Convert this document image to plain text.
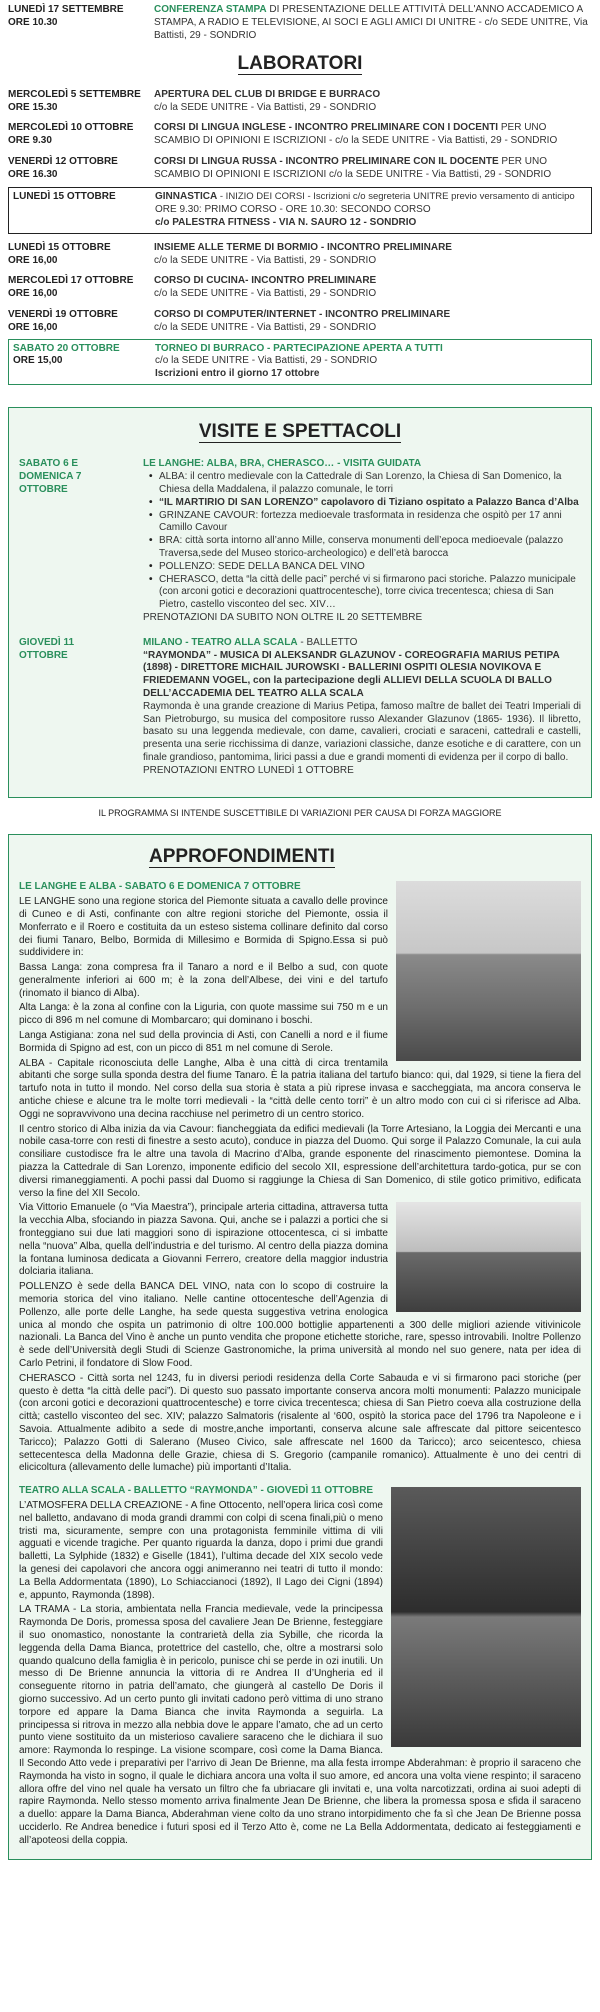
LUNEDÌ 17 SETTEMBRE
ORE 10.30
CONFERENZA STAMPA DI PRESENTAZIONE DELLE ATTIVITÀ DELL'ANNO ACCADEMICO A STAMPA, A RADIO E TELEVISIONE, AI SOCI E AGLI AMICI DI UNITRE - c/o SEDE UNITRE, Via Battisti, 29 - SONDRIO
LABORATORI
MERCOLEDÌ 5 SETTEMBRE
ORE 15.30
APERTURA DEL CLUB DI BRIDGE E BURRACO
c/o la SEDE UNITRE - Via Battisti, 29 - SONDRIO
MERCOLEDÌ 10 OTTOBRE
ORE 9.30
CORSI DI LINGUA INGLESE - INCONTRO PRELIMINARE CON I DOCENTI PER UNO SCAMBIO DI OPINIONI E ISCRIZIONI - c/o la SEDE UNITRE - Via Battisti, 29 - SONDRIO
VENERDÌ 12 OTTOBRE
ORE 16.30
CORSI DI LINGUA RUSSA - INCONTRO PRELIMINARE CON IL DOCENTE PER UNO SCAMBIO DI OPINIONI E ISCRIZIONI c/o la SEDE UNITRE - Via Battisti, 29 - SONDRIO
LUNEDÌ 15 OTTOBRE	GINNASTICA - INIZIO DEI CORSI - Iscrizioni c/o segreteria UNITRE previo versamento di anticipo
ORE 9.30: PRIMO CORSO - ORE 10.30: SECONDO CORSO
c/o PALESTRA FITNESS - VIA N. SAURO 12 - SONDRIO
LUNEDÌ 15 OTTOBRE
ORE 16,00
INSIEME ALLE TERME DI BORMIO - INCONTRO PRELIMINARE
c/o la SEDE UNITRE - Via Battisti, 29 - SONDRIO
MERCOLEDÌ 17 OTTOBRE
ORE 16,00
CORSO DI CUCINA- INCONTRO PRELIMINARE
c/o la SEDE UNITRE - Via Battisti, 29 - SONDRIO
VENERDÌ 19 OTTOBRE
ORE 16,00
CORSO DI COMPUTER/INTERNET - INCONTRO PRELIMINARE
c/o la SEDE UNITRE - Via Battisti, 29 - SONDRIO
SABATO 20 OTTOBRE
ORE 15,00
TORNEO DI BURRACO - PARTECIPAZIONE APERTA A TUTTI
c/o la SEDE UNITRE - Via Battisti, 29 - SONDRIO
Iscrizioni entro il giorno 17 ottobre
VISITE E SPETTACOLI
SABATO 6 E
DOMENICA 7
OTTOBRE
LE LANGHE: ALBA, BRA, CHERASCO… - VISITA GUIDATA
• ALBA: il centro medievale con la Cattedrale di San Lorenzo, la Chiesa di San Domenico, la Chiesa della Maddalena, il palazzo comunale, le torri
• “IL MARTIRIO DI SAN LORENZO” capolavoro di Tiziano ospitato a Palazzo Banca d’Alba
• GRINZANE CAVOUR: fortezza medioevale trasformata in residenza che ospitò per 17 anni Camillo Cavour
• BRA: città sorta intorno all’anno Mille, conserva monumenti dell’epoca medioevale (palazzo Traversa,sede del Museo storico-archeologico) e dell’età barocca
• POLLENZO: SEDE DELLA BANCA DEL VINO
• CHERASCO, detta “la città delle paci” perché vi si firmarono paci storiche. Palazzo municipale (con arconi gotici e decorazioni quattrocentesche), torre civica trecentesca; chiesa di San Pietro, castello visconteo del sec. XIV…
PRENOTAZIONI DA SUBITO NON OLTRE IL 20 SETTEMBRE
GIOVEDÌ 11
OTTOBRE
MILANO - TEATRO ALLA SCALA - BALLETTO
“RAYMONDA” - MUSICA DI ALEKSANDR GLAZUNOV - COREOGRAFIA MARIUS PETIPA (1898) - DIRETTORE MICHAIL JUROWSKI - BALLERINI OSPITI OLESIA NOVIKOVA E FRIEDEMANN VOGEL, con la partecipazione degli ALLIEVI DELLA SCUOLA DI BALLO DELL’ACCADEMIA DEL TEATRO ALLA SCALA
Raymonda è una grande creazione di Marius Petipa, famoso maître de ballet dei Teatri Imperiali di San Pietroburgo, su musica del compositore russo Alexander Glazunov (1865- 1936). Il libretto, basato su una leggenda medievale, con dame, cavalieri, crociati e saraceni, cattedrali e castelli, presenta una serie ricchissima di danze, variazioni classiche, danze esotiche e di carattere, con un finale grandioso, pantomima, lirici passi a due e grandi momenti di evidenza per il corpo di ballo.
PRENOTAZIONI ENTRO LUNEDÌ 1 OTTOBRE
IL PROGRAMMA SI INTENDE SUSCETTIBILE DI VARIAZIONI PER CAUSA DI FORZA MAGGIORE
APPROFONDIMENTI

LE LANGHE E ALBA - SABATO 6 E DOMENICA 7 OTTOBRE

LE LANGHE sono una regione storica del Piemonte situata a cavallo delle province di Cuneo e di Asti, confinante con altre regioni storiche del Piemonte, ossia il Monferrato e il Roero e costituita da un esteso sistema collinare definito dal corso dei fiumi Tanaro, Belbo, Bormida di Millesimo e Bormida di Spigno.Essa si può suddividere in:

Bassa Langa: zona compresa fra il Tanaro a nord e il Belbo a sud, con quote generalmente inferiori ai 600 m; è la zona dell’Albese, dei vini e del tartufo (rinomato il bianco di Alba).

Alta Langa: è la zona al confine con la Liguria, con quote massime sui 750 m e un picco di 896 m nel comune di Mombarcaro; qui dominano i boschi.

Langa Astigiana: zona nel sud della provincia di Asti, con Canelli a nord e il fiume Bormida di Spigno ad est, con un picco di 851 m nel comune di Serole.

ALBA - Capitale riconosciuta delle Langhe, Alba è una città di circa trentamila abitanti che sorge sulla sponda destra del fiume Tanaro. È la patria italiana del tartufo bianco: qui, dal 1929, si tiene la fiera del tartufo nota in tutto il mondo. Nel corso della sua storia è stata a più riprese invasa e saccheggiata, ma ancora conserva le antiche chiese e alcune tra le molte torri medievali - la “città delle cento torri” è un altro modo con cui ci si riferisce ad Alba. Oggi ne sopravvivono una decina racchiuse nel perimetro di un centro storico.

Il centro storico di Alba inizia da via Cavour: fiancheggiata da edifici medievali (la Torre Artesiano, la Loggia dei Mercanti e una nobile casa-torre con resti di finestre a sesto acuto), conduce in piazza del Duomo. Qui sorge il Palazzo Comunale, la cui aula consiliare custodisce fra le altre una tavola di Macrino d’Alba, grande esponente del rinascimento piemontese. Domina la piazza la Cattedrale di San Lorenzo, imponente edificio del secolo XII, espressione dell’architettura tardo-gotica, pur se con diversi rimaneggiamenti. A pochi passi dal Duomo si raggiunge la Chiesa di San Domenico, di stile gotico primitivo, edificata verso la fine del XII Secolo.

Via Vittorio Emanuele (o “Via Maestra”), principale arteria cittadina, attraversa tutta la vecchia Alba, sfociando in piazza Savona. Qui, anche se i palazzi a portici che si fronteggiano sui due lati maggiori sono di ispirazione ottocentesca, ci si imbatte nella “nuova” Alba, quella dell’industria e del turismo. Al centro della piazza domina la fontana luminosa dedicata a Giovanni Ferrero, creatore della maggior industria dolciaria italiana.

POLLENZO è sede della BANCA DEL VINO, nata con lo scopo di costruire la memoria storica del vino italiano. Nelle cantine ottocentesche dell’Agenzia di Pollenzo, alle porte delle Langhe, ha sede questa suggestiva vetrina enologica unica al mondo che ospita un patrimonio di oltre 100.000 bottiglie appartenenti a 300 delle migliori aziende vitivinicole nazionali. La Banca del Vino è anche un punto vendita che propone etichette storiche, rare, spesso introvabili. Inoltre Pollenzo è sede dell’Università degli Studi di Scienze Gastronomiche, la prima università al mondo nel suo genere, nata per idea di Carlo Petrini, il fondatore di Slow Food.

CHERASCO - Città sorta nel 1243, fu in diversi periodi residenza della Corte Sabauda e vi si firmarono paci storiche (per questo è detta “la città delle paci”). Di questo suo passato importante conserva ancora molti monumenti: Palazzo municipale (con arconi gotici e decorazioni quattrocentesche) e torre civica trecentesca; chiesa di San Pietro coeva alla costruzione della città; castello visconteo del sec. XIV; palazzo Salmatoris (risalente al ‘600, ospitò la storica pace del 1796 tra Napoleone e i Savoia. Attualmente adibito a sede di mostre,anche importanti, conserva alcune sale affrescate dal pittore seicentesco Taricco); Palazzo Gotti di Salerano (Museo Civico, sale affrescate nel 1600 da Taricco); arco seicentesco, chiesa settecentesca della Madonna delle Grazie, chiesa di S. Gregorio (campanile romanico). Attualmente è uno dei centri di elicicoltura (allevamento delle lumache) più importanti d’Italia.

TEATRO ALLA SCALA - BALLETTO “RAYMONDA” - GIOVEDÌ 11 OTTOBRE

L’ATMOSFERA DELLA CREAZIONE - A fine Ottocento, nell’opera lirica così come nel balletto, andavano di moda grandi drammi con colpi di scena finali,più o meno tristi ma, sicuramente, sempre con una protagonista femminile vittima di vili agguati e vicende tragiche. Per quanto riguarda la danza, dopo i primi due grandi balletti, La Sylphide (1832) e Giselle (1841), l’ultima decade del XIX secolo vede la genesi dei capolavori che ancora oggi animeranno nei teatri di tutto il mondo: La Bella Addormentata (1890), Lo Schiaccianoci (1892), Il Lago dei Cigni (1894) e, appunto, Raymonda (1898).

LA TRAMA - La storia, ambientata nella Francia medievale, vede la principessa Raymonda De Doris, promessa sposa del cavaliere Jean De Brienne, festeggiare il suo onomastico, nonostante la contrarietà della zia Sybille, che ricorda la leggenda della Dama Bianca, protettrice del castello, che, oltre a mostrarsi solo quando qualcuno della famiglia è in pericolo, punisce chi se perde in ozi inutili. Un messo di De Brienne annuncia la vittoria di re Andrea II d’Ungheria ed il conseguente ritorno in patria dell’amato, che giungerà al castello De Doris il giorno successivo. Ad un certo punto gli invitati cadono però vittima di uno strano torpore ed appare la Dama Bianca che invita Raymonda a seguirla. La principessa si ritrova in mezzo alla nebbia dove le appare l’amato, che ad un certo punto viene sostituito da un misterioso cavaliere saraceno che le dichiara il suo amore: Raymonda lo respinge. La visione scompare, così come la Dama Bianca. Il Secondo Atto vede i preparativi per l’arrivo di Jean De Brienne, ma alla festa irrompe Abderahman: è proprio il saraceno che Raymonda ha visto in sogno, il quale le dichiara ancora una volta il suo amore, ed ancora una volta viene respinto; il saraceno allora offre del vino nel quale ha versato un filtro che fa ubriacare gli invitati e, una volta narcotizzati, ordina ai suoi adepti di rapire Raymonda. Nello stesso momento arriva finalmente Jean De Brienne, che libera la promessa sposa e sfida il saraceno a duello: appare la Dama Bianca, Abderahman viene colto da uno strano intorpidimento che fa sì che Jean De Brienne possa ucciderlo. Re Andrea benedice i futuri sposi ed il Terzo Atto è, come ne La Bella Addormentata, dedicato ai festeggiamenti e all’apoteosi della coppia.
